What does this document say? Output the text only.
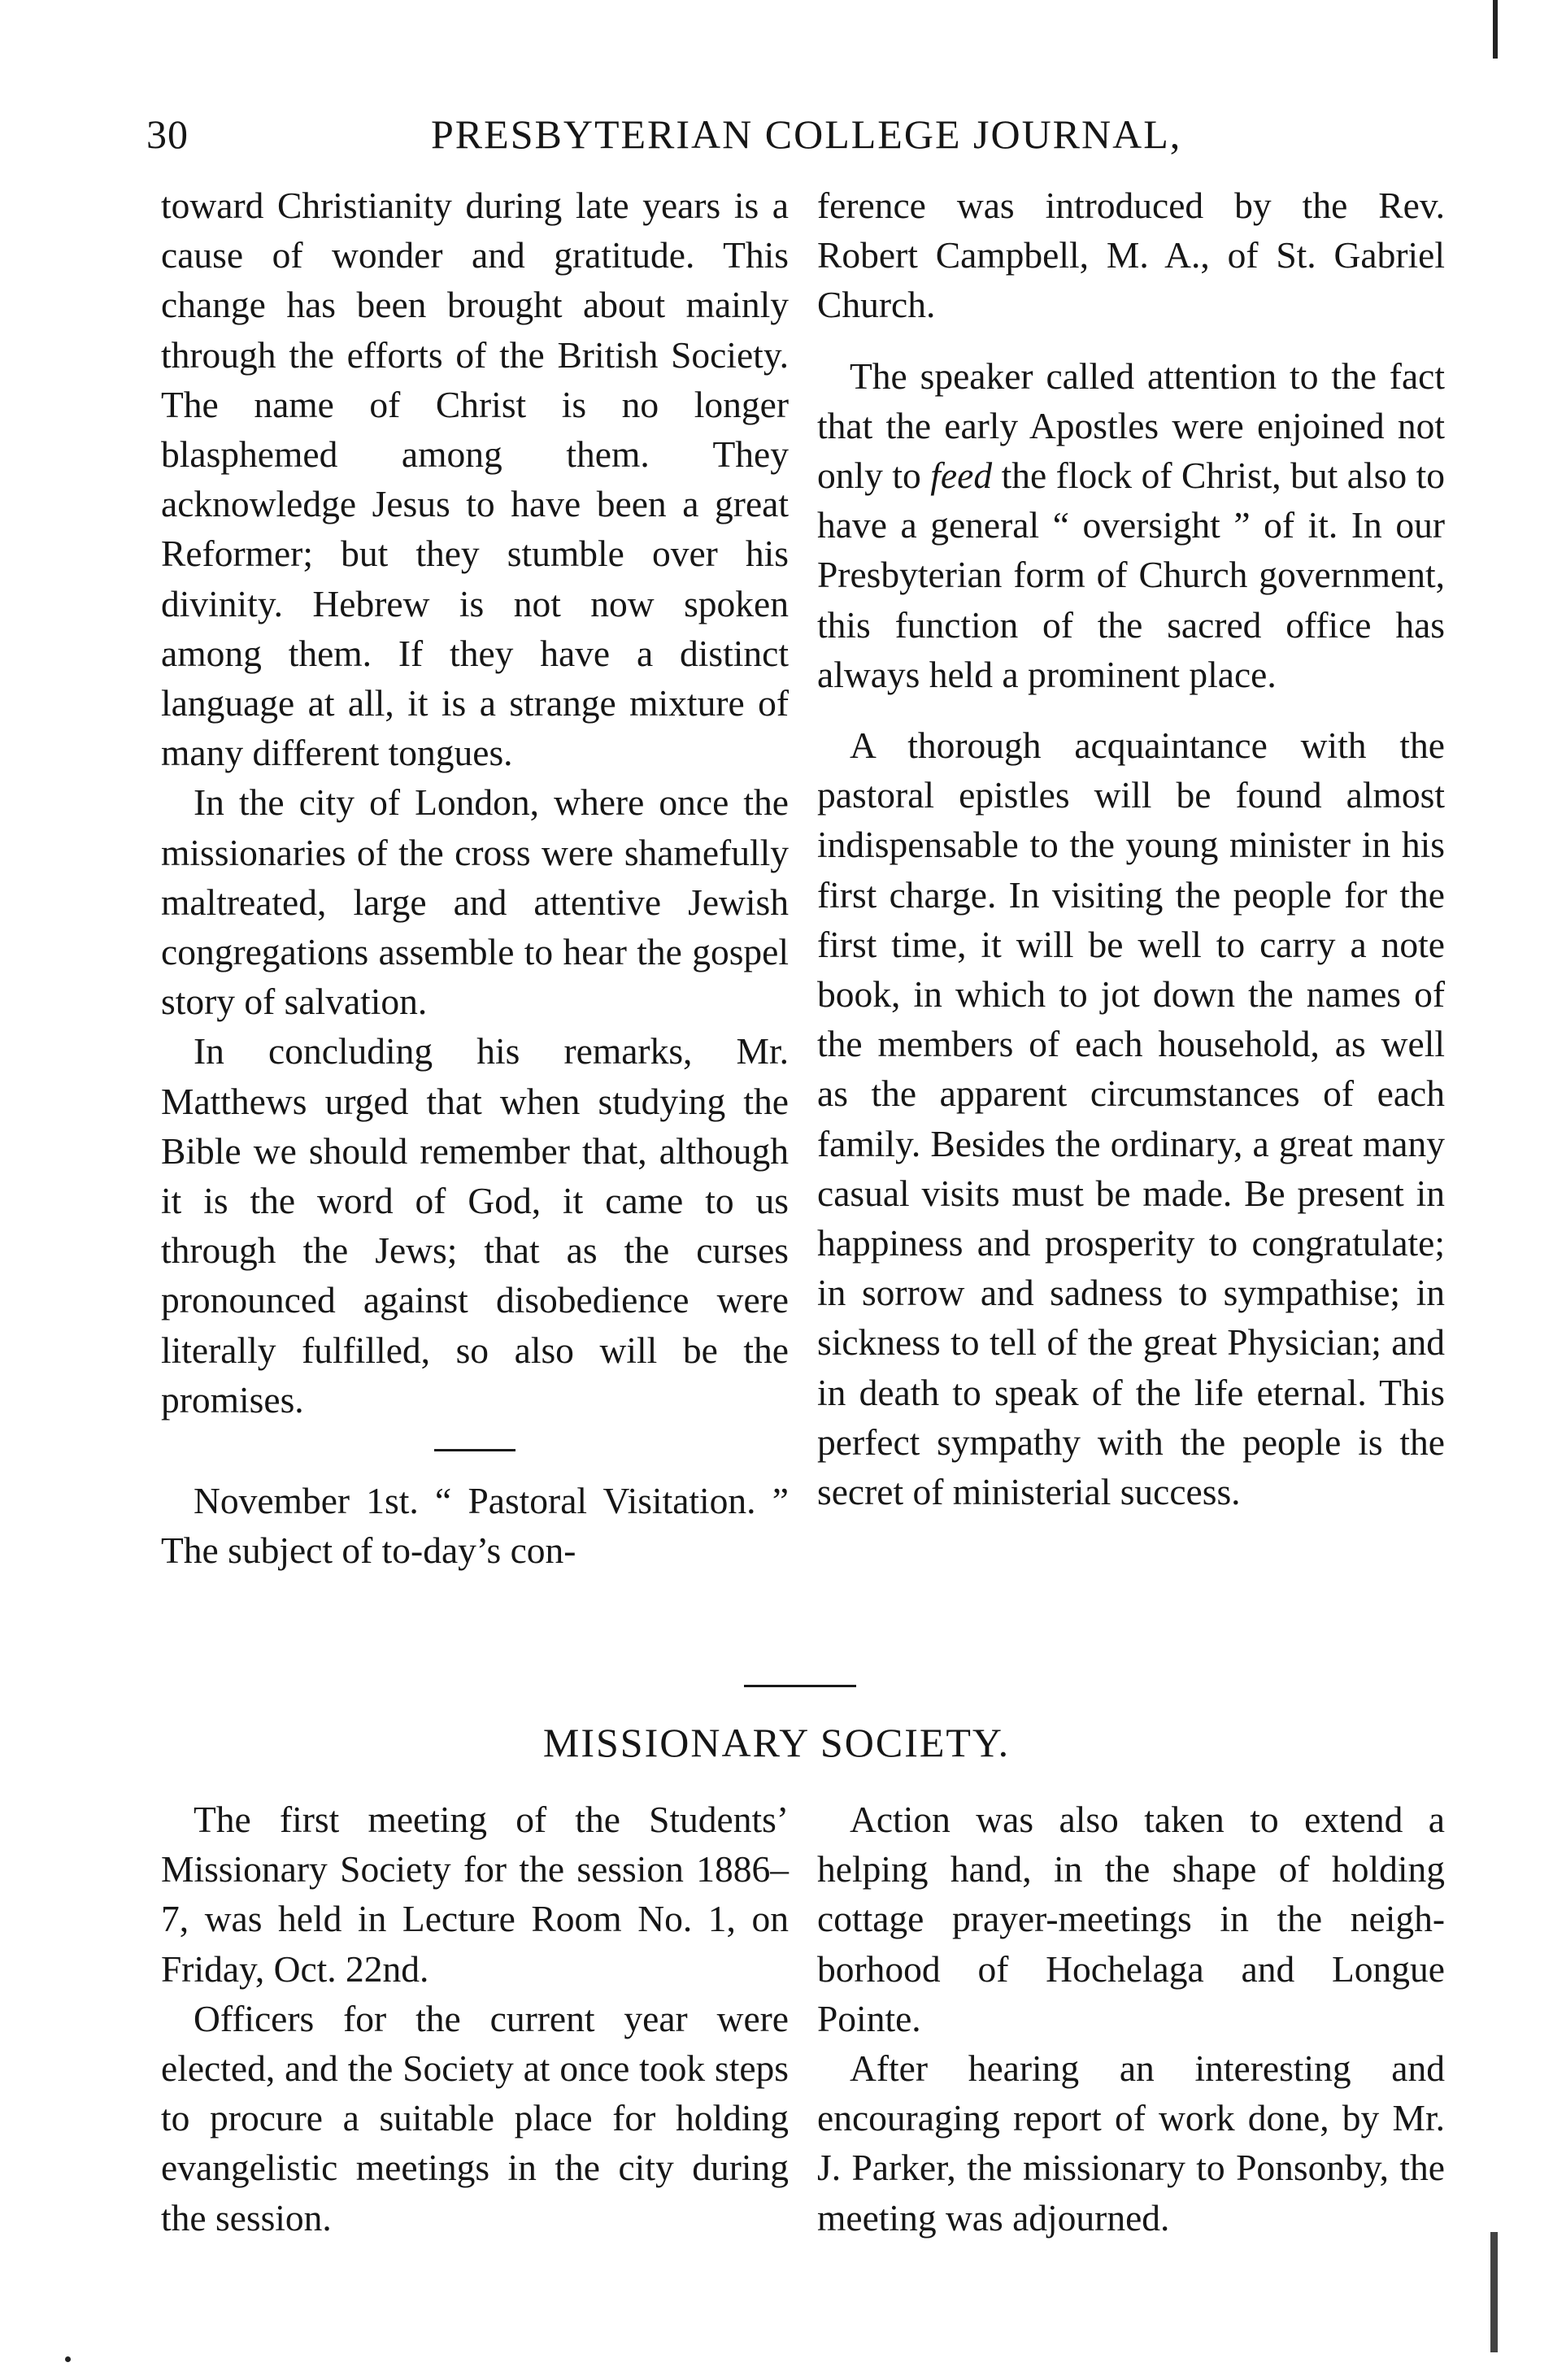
30	PRESBYTERIAN COLLEGE JOURNAL,

toward Christianity during late years is a cause of wonder and gratitude. This change has been brought about mainly through the efforts of the British Society. The name of Christ is no longer blasphemed among them. They acknowledge Jesus to have been a great Reformer; but they stumble over his divinity. Hebrew is not now spoken among them. If they have a distinct language at all, it is a strange mixture of many different tongues.

In the city of London, where once the missionaries of the cross were shamefully maltreated, large and attentive Jewish congregations assemble to hear the gospel story of salvation.

In concluding his remarks, Mr. Matthews urged that when studying the Bible we should remember that, although it is the word of God, it came to us through the Jews; that as the curses pronounced against disobedience were literally fulfilled, so also will be the promises.

November 1st. “ Pastoral Visitation. ” The subject of to-day’s con-

ference was introduced by the Rev. Robert Campbell, M. A., of St. Gabriel Church.

The speaker called attention to the fact that the early Apostles were enjoined not only to feed the flock of Christ, but also to have a general “ oversight ” of it. In our Presbyterian form of Church government, this function of the sacred office has always held a prominent place.

A thorough acquaintance with the pastoral epistles will be found almost indispensable to the young minister in his first charge. In visiting the people for the first time, it will be well to carry a note book, in which to jot down the names of the members of each household, as well as the apparent circumstances of each family. Besides the ordinary, a great many casual visits must be made. Be present in happiness and prosperity to congratulate; in sorrow and sadness to sympathise; in sickness to tell of the great Physician; and in death to speak of the life eternal. This perfect sympathy with the people is the secret of ministerial success.

MISSIONARY SOCIETY.

The first meeting of the Students’ Missionary Society for the session 1886–7, was held in Lecture Room No. 1, on Friday, Oct. 22nd.

Officers for the current year were elected, and the Society at once took steps to procure a suitable place for holding evangelistic meetings in the city during the session.

Action was also taken to extend a helping hand, in the shape of holding cottage prayer-meetings in the neighborhood of Hochelaga and Longue Pointe.

After hearing an interesting and encouraging report of work done, by Mr. J. Parker, the missionary to Ponsonby, the meeting was adjourned.
